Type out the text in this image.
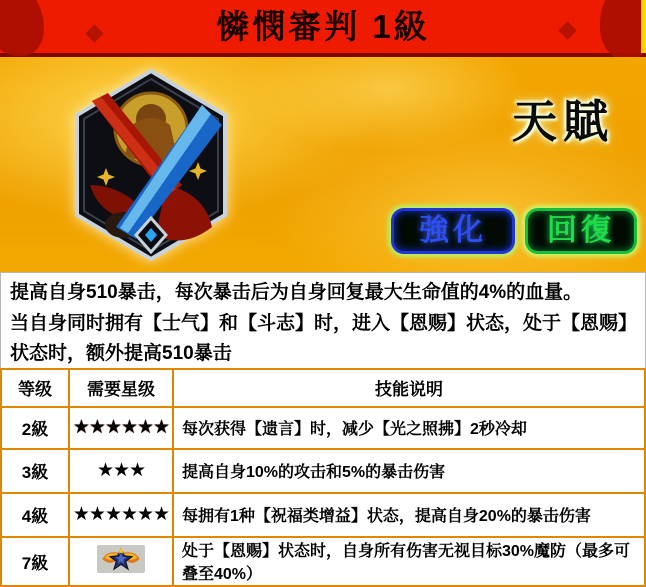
憐憫審判 1級
天賦
強化	回復

提高自身510暴击，每次暴击后为自身回复最大生命值的4%的血量。

当自身同时拥有【士气】和【斗志】时，进入【恩赐】状态，处于【恩赐】状态时，额外提高510暴击

等级	需要星级	技能说明
2級	★★★★★★	每次获得【遗言】时，减少【光之照拂】2秒冷却
3級	★★★	提高自身10%的攻击和5%的暴击伤害
4級	★★★★★★	每拥有1种【祝福类增益】状态，提高自身20%的暴击伤害
7級		处于【恩赐】状态时，自身所有伤害无视目标30%魔防（最多可叠至40%）
